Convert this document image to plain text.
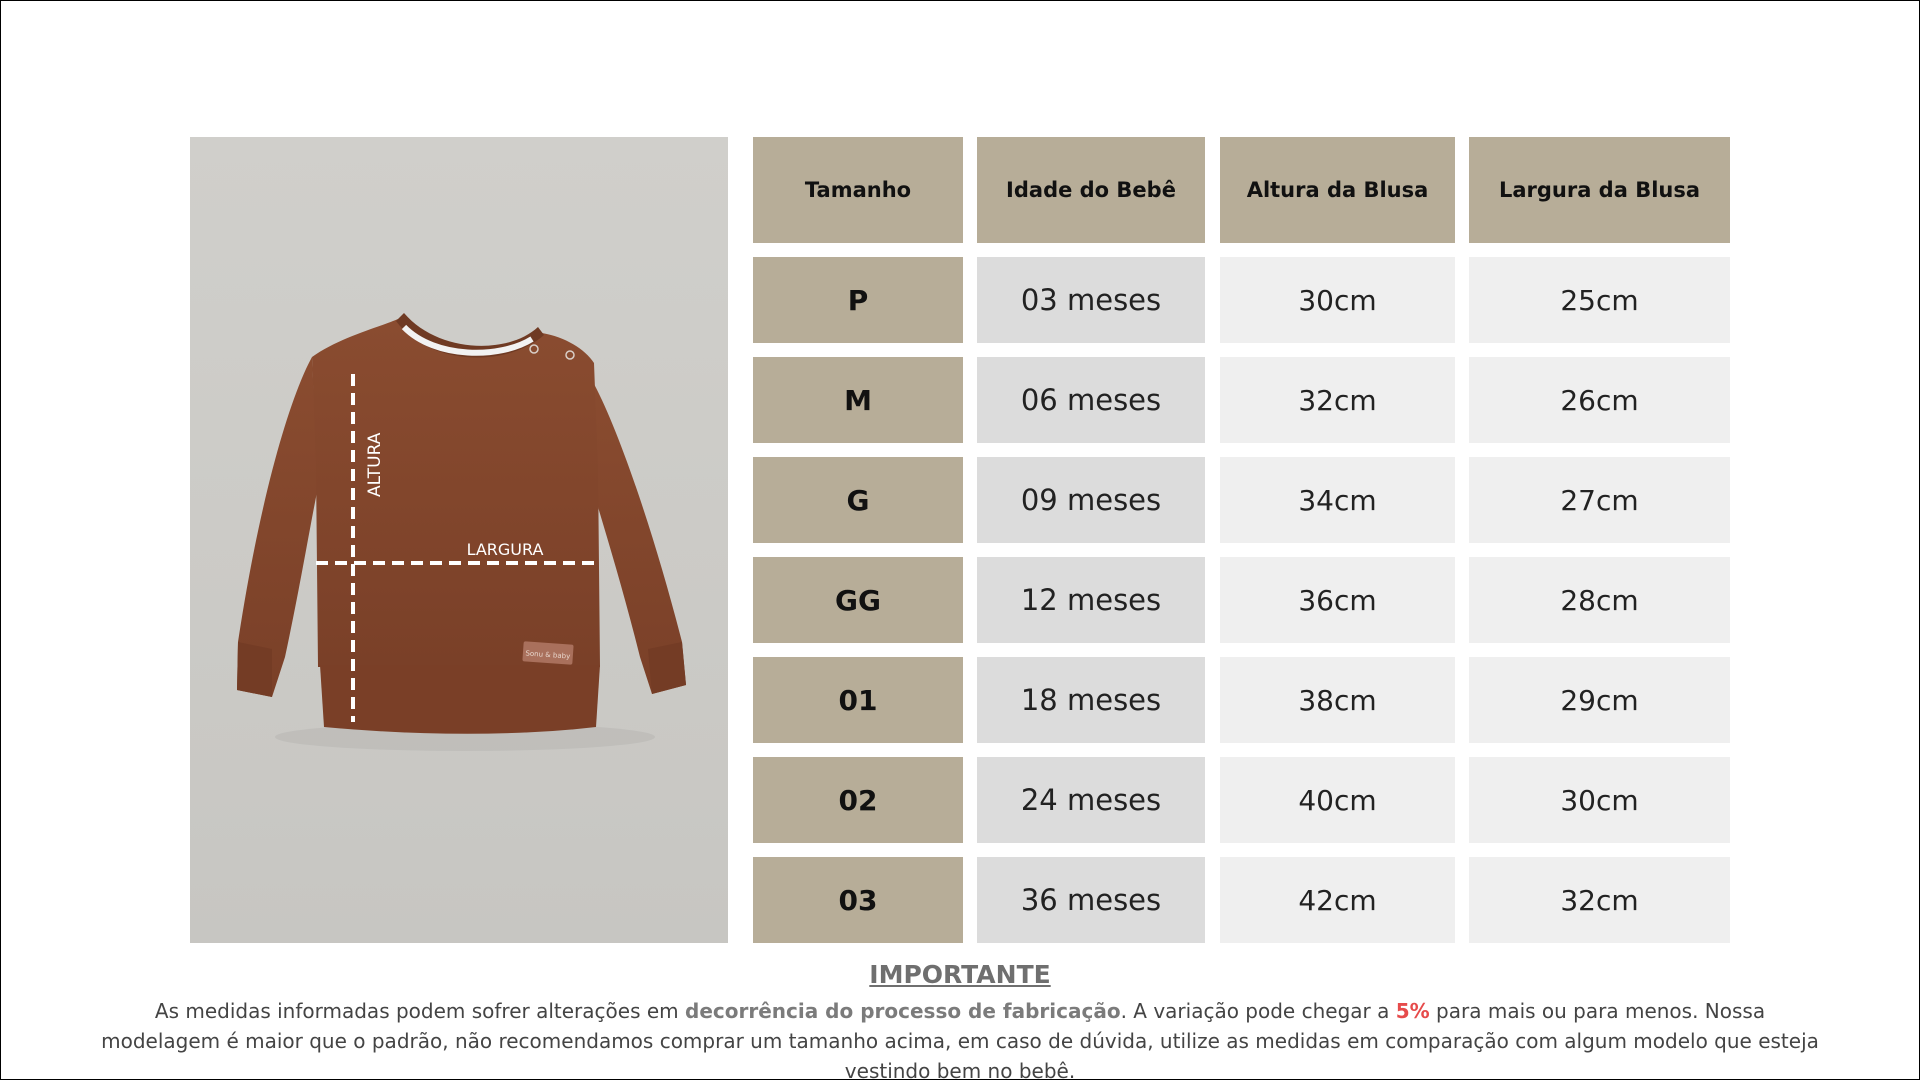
Sonu & baby
ALTURA
LARGURA
Tamanho	Idade do Bebê	Altura da Blusa	Largura da Blusa
P	03 meses	30cm	25cm
M	06 meses	32cm	26cm
G	09 meses	34cm	27cm
GG	12 meses	36cm	28cm
01	18 meses	38cm	29cm
02	24 meses	40cm	30cm
03	36 meses	42cm	32cm
IMPORTANTE
As medidas informadas podem sofrer alterações em decorrência do processo de fabricação. A variação pode chegar a 5% para mais ou para menos. Nossa modelagem é maior que o padrão, não recomendamos comprar um tamanho acima, em caso de dúvida, utilize as medidas em comparação com algum modelo que esteja vestindo bem no bebê.
